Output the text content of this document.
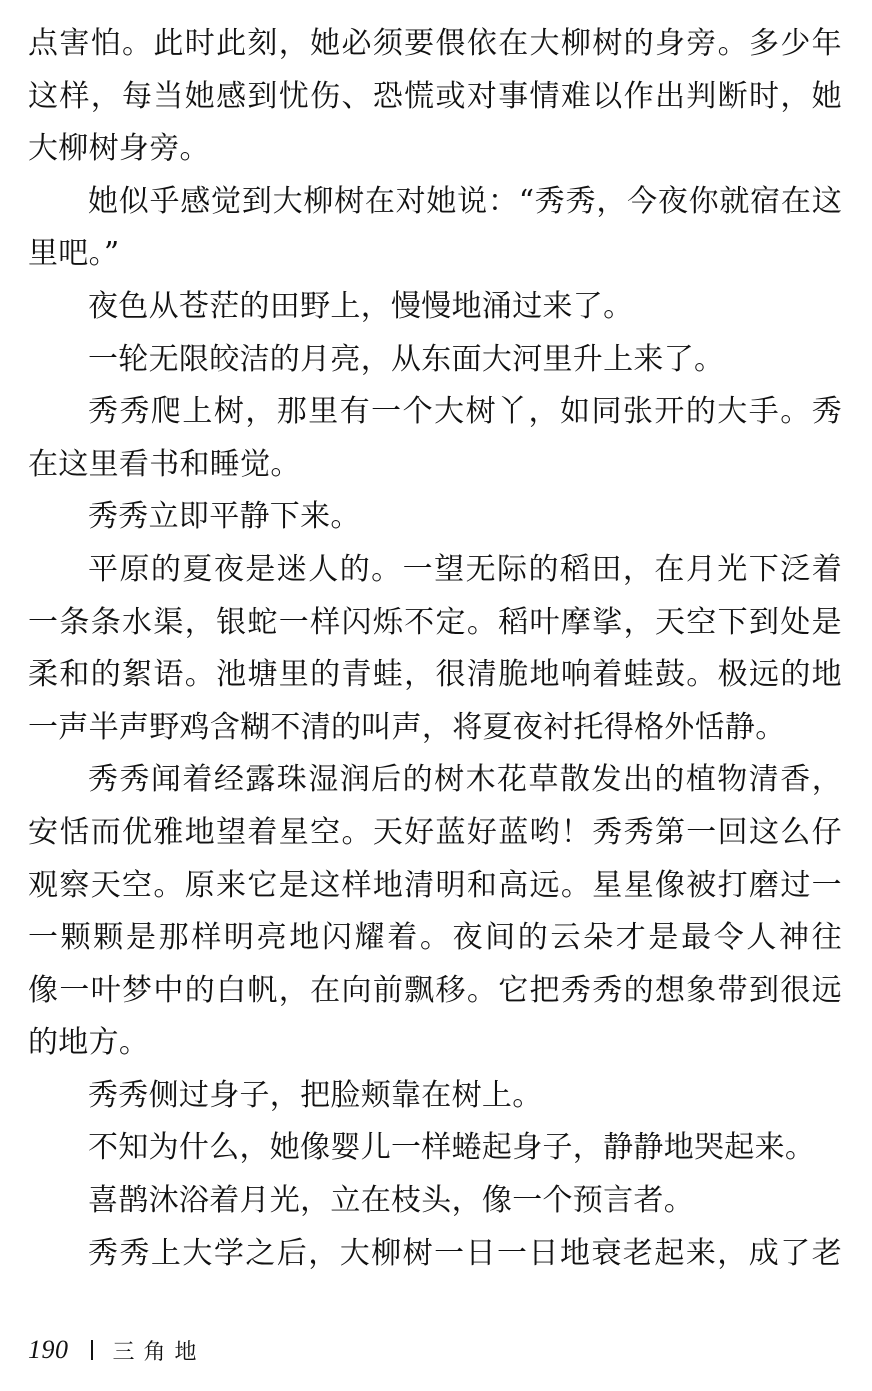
点害怕。此时此刻，她必须要偎依在大柳树的身旁。多少年
这样，每当她感到忧伤、恐慌或对事情难以作出判断时，她
大柳树身旁。
她似乎感觉到大柳树在对她说：“秀秀，今夜你就宿在这
里吧。”
夜色从苍茫的田野上，慢慢地涌过来了。
一轮无限皎洁的月亮，从东面大河里升上来了。
秀秀爬上树，那里有一个大树丫，如同张开的大手。秀
在这里看书和睡觉。
秀秀立即平静下来。
平原的夏夜是迷人的。一望无际的稻田，在月光下泛着
一条条水渠，银蛇一样闪烁不定。稻叶摩挲，天空下到处是
柔和的絮语。池塘里的青蛙，很清脆地响着蛙鼓。极远的地
一声半声野鸡含糊不清的叫声，将夏夜衬托得格外恬静。
秀秀闻着经露珠湿润后的树木花草散发出的植物清香，
安恬而优雅地望着星空。天好蓝好蓝哟！秀秀第一回这么仔
观察天空。原来它是这样地清明和高远。星星像被打磨过一
一颗颗是那样明亮地闪耀着。夜间的云朵才是最令人神往
像一叶梦中的白帆，在向前飘移。它把秀秀的想象带到很远
的地方。
秀秀侧过身子，把脸颊靠在树上。
不知为什么，她像婴儿一样蜷起身子，静静地哭起来。
喜鹊沐浴着月光，立在枝头，像一个预言者。
秀秀上大学之后，大柳树一日一日地衰老起来，成了老
190 三角地
